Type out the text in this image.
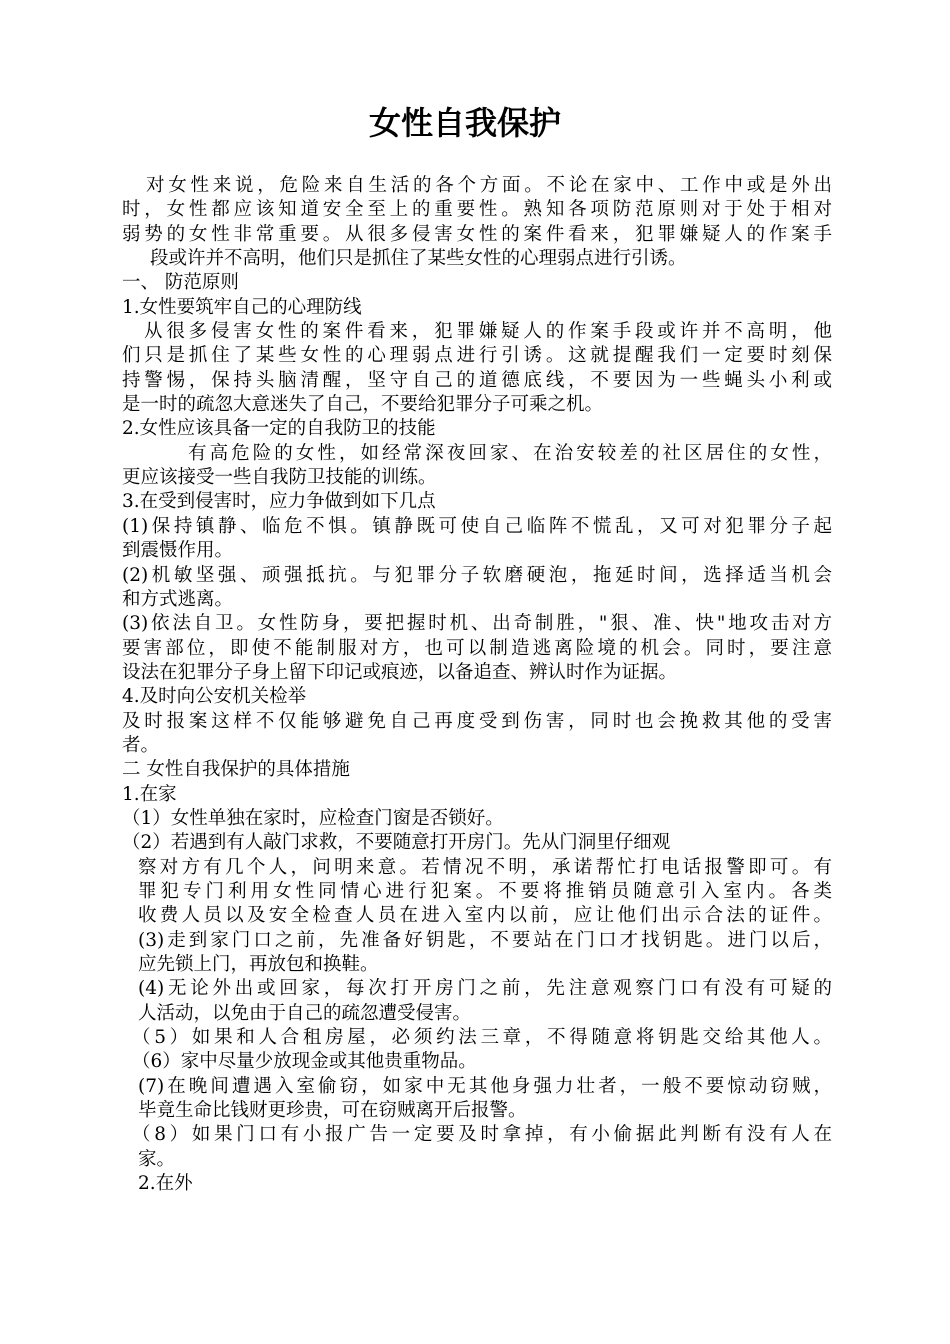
女性自我保护
对女性来说，危险来自生活的各个方面。不论在家中、工作中或是外出
时，女性都应该知道安全至上的重要性。熟知各项防范原则对于处于相对
弱势的女性非常重要。从很多侵害女性的案件看来，犯罪嫌疑人的作案手
段或许并不高明，他们只是抓住了某些女性的心理弱点进行引诱。
一、 防范原则
1.女性要筑牢自己的心理防线
从很多侵害女性的案件看来，犯罪嫌疑人的作案手段或许并不高明，他
们只是抓住了某些女性的心理弱点进行引诱。这就提醒我们一定要时刻保
持警惕，保持头脑清醒，坚守自己的道德底线，不要因为一些蝇头小利或
是一时的疏忽大意迷失了自己，不要给犯罪分子可乘之机。
2.女性应该具备一定的自我防卫的技能
有高危险的女性，如经常深夜回家、在治安较差的社区居住的女性，
更应该接受一些自我防卫技能的训练。
3.在受到侵害时，应力争做到如下几点
(1)保持镇静、临危不惧。镇静既可使自己临阵不慌乱，又可对犯罪分子起
到震慑作用。
(2)机敏坚强、顽强抵抗。与犯罪分子软磨硬泡，拖延时间，选择适当机会
和方式逃离。
(3)依法自卫。女性防身，要把握时机、出奇制胜，"狠、准、快"地攻击对方
要害部位，即使不能制服对方，也可以制造逃离险境的机会。同时，要注意
设法在犯罪分子身上留下印记或痕迹，以备追查、辨认时作为证据。
4.及时向公安机关检举
及时报案这样不仅能够避免自己再度受到伤害，同时也会挽救其他的受害
者。
二 女性自我保护的具体措施
1.在家
（1）女性单独在家时，应检查门窗是否锁好。
（2）若遇到有人敲门求救，不要随意打开房门。先从门洞里仔细观
察对方有几个人，问明来意。若情况不明，承诺帮忙打电话报警即可。有
罪犯专门利用女性同情心进行犯案。不要将推销员随意引入室内。各类
收费人员以及安全检查人员在进入室内以前，应让他们出示合法的证件。
(3)走到家门口之前，先准备好钥匙，不要站在门口才找钥匙。进门以后，
应先锁上门，再放包和换鞋。
(4)无论外出或回家，每次打开房门之前，先注意观察门口有没有可疑的
人活动，以免由于自己的疏忽遭受侵害。
（5）如果和人合租房屋，必须约法三章，不得随意将钥匙交给其他人。
（6）家中尽量少放现金或其他贵重物品。
(7)在晚间遭遇入室偷窃，如家中无其他身强力壮者，一般不要惊动窃贼，
毕竟生命比钱财更珍贵，可在窃贼离开后报警。
（8）如果门口有小报广告一定要及时拿掉，有小偷据此判断有没有人在
家。
2.在外
